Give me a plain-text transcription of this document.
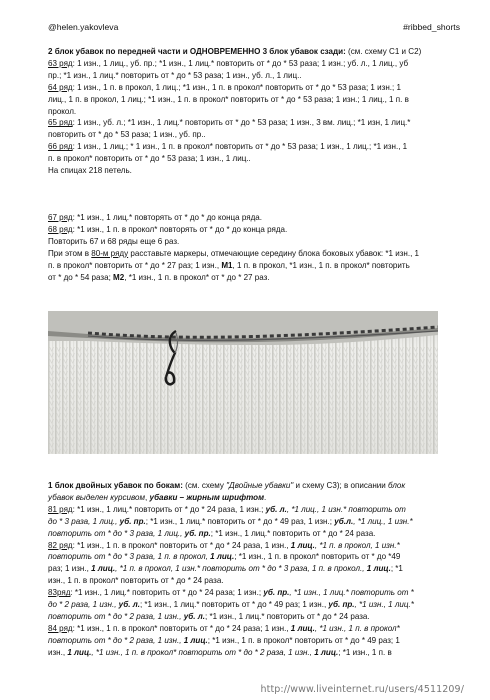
@helen.yakovleva	#ribbed_shorts

2 блок убавок по передней части и ОДНОВРЕМЕННО 3 блок убавок сзади: (см. схему С1 и С2)

63 ряд: 1 изн., 1 лиц., уб. пр.; *1 изн., 1 лиц.* повторить от * до * 53 раза; 1 изн.; уб. л., 1 лиц., уб

пр.; *1 изн., 1 лиц.* повторить от * до * 53 раза; 1 изн., уб. л., 1 лиц..

64 ряд: 1 изн., 1 п. в прокол, 1 лиц.; *1 изн., 1 п. в прокол* повторить от * до * 53 раза; 1 изн.; 1

лиц., 1 п. в прокол, 1 лиц.; *1 изн., 1 п. в прокол* повторить от * до * 53 раза; 1 изн.; 1 лиц., 1 п. в

прокол.

65 ряд: 1 изн., уб. л.; *1 изн., 1 лиц.* повторить от * до * 53 раза; 1 изн., 3 вм. лиц.; *1 изн, 1 лиц.*

повторить от * до * 53 раза; 1 изн., уб. пр..

66 ряд: 1 изн., 1 лиц.; * 1 изн., 1 п. в прокол* повторить от * до * 53 раза; 1 изн., 1 лиц.; *1 изн., 1

п. в прокол* повторить от * до * 53 раза; 1 изн., 1 лиц..

На спицах 218 петель.

67 ряд: *1 изн., 1 лиц.* повторять от * до * до конца ряда.

68 ряд: *1 изн., 1 п. в прокол* повторять от * до * до конца ряда.

Повторить 67 и 68 ряды еще 6 раз.

При этом в 80-м ряду расставьте маркеры, отмечающие середину блока боковых убавок: *1 изн., 1

п. в прокол* повторить от * до * 27 раз; 1 изн., М1, 1 п. в прокол, *1 изн., 1 п. в прокол* повторить

от * до * 54 раза; М2, *1 изн., 1 п. в прокол* от * до * 27 раз.

1 блок двойных убавок по бокам: (см. схему "Двойные убавки" и схему С3); в описании блок

убавок выделен курсивом, убавки – жирным шрифтом.

81 ряд: *1 изн., 1 лиц.* повторить от * до * 24 раза, 1 изн.; уб. л., *1 лиц., 1 изн.* повторить от

до * 3 раза, 1 лиц., уб. пр.; *1 изн., 1 лиц.* повторить от * до * 49 раз, 1 изн.; уб.л., *1 лиц., 1 изн.*

повторить от * до * 3 раза, 1 лиц., уб. пр.; *1 изн., 1 лиц.* повторить от * до * 24 раза.

82 ряд: *1 изн., 1 п. в прокол* повторить от * до * 24 раза, 1 изн., 1 лиц., *1 п. в прокол, 1 изн.*

повторить от * до * 3 раза, 1 п. в прокол, 1 лиц.; *1 изн., 1 п. в прокол* повторить от * до *49

раз; 1 изн., 1 лиц., *1 п. в прокол, 1 изн.* повторить от * до * 3 разa, 1 п. в прокол., 1 лиц.; *1

изн., 1 п. в прокол* повторить от * до * 24 раза.

83ряд: *1 изн., 1 лиц.* повторить от * до * 24 раза; 1 изн.; уб. пр., *1 изн., 1 лиц.* повторить от *

до * 2 раза, 1 изн., уб. л.; *1 изн., 1 лиц.* повторить от * до * 49 раз; 1 изн., уб. пр., *1 изн., 1 лиц.*

повторить от * до * 2 раза, 1 изн., уб. л.; *1 изн., 1 лиц.* повторить от * до * 24 раза.

84 ряд: *1 изн., 1 п. в прокол* повторить от * до * 24 раза; 1 изн., 1 лиц., *1 изн., 1 п. в прокол*

повторить от * до * 2 раза, 1 изн., 1 лиц.; *1 изн., 1 п. в прокол* повторить от * до * 49 раз; 1

изн., 1 лиц., *1 изн., 1 п. в прокол* повторить от * до * 2 раза, 1 изн., 1 лиц.; *1 изн., 1 п. в

http://www.liveinternet.ru/users/4511209/
